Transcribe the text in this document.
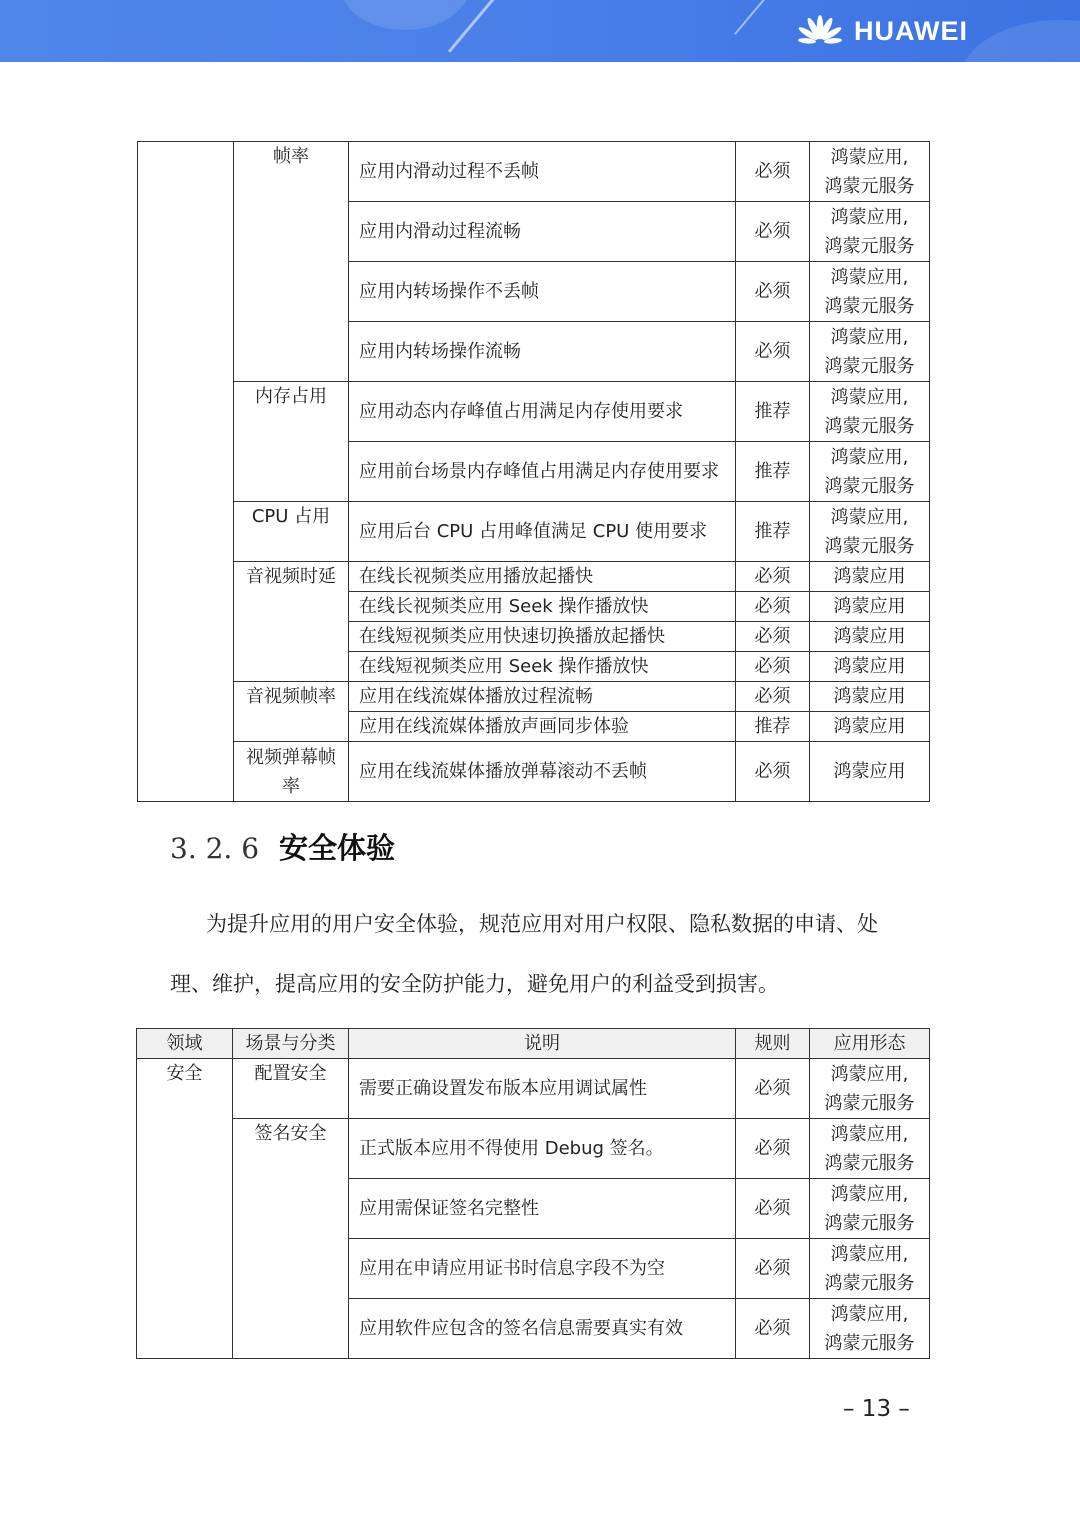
HUAWEI
	帧率	应用内滑动过程不丢帧	必须	鸿蒙应用,
鸿蒙元服务

		应用内滑动过程流畅	必须	鸿蒙应用,
鸿蒙元服务

		应用内转场操作不丢帧	必须	鸿蒙应用,
鸿蒙元服务

		应用内转场操作流畅	必须	鸿蒙应用,
鸿蒙元服务

	内存占用	应用动态内存峰值占用满足内存使用要求	推荐	鸿蒙应用,
鸿蒙元服务

		应用前台场景内存峰值占用满足内存使用要求	推荐	鸿蒙应用,
鸿蒙元服务

	CPU 占用	应用后台 CPU 占用峰值满足 CPU 使用要求	推荐	鸿蒙应用,
鸿蒙元服务

	音视频时延	在线长视频类应用播放起播快	必须	鸿蒙应用
		在线长视频类应用 Seek 操作播放快	必须	鸿蒙应用
		在线短视频类应用快速切换播放起播快	必须	鸿蒙应用
		在线短视频类应用 Seek 操作播放快	必须	鸿蒙应用
	音视频帧率	应用在线流媒体播放过程流畅	必须	鸿蒙应用
		应用在线流媒体播放声画同步体验	推荐	鸿蒙应用

	视频弹幕帧率	应用在线流媒体播放弹幕滚动不丢帧	必须	鸿蒙应用
3. 2. 6 安全体验
为提升应用的用户安全体验，规范应用对用户权限、隐私数据的申请、处
理、维护，提高应用的安全防护能力，避免用户的利益受到损害。
领域	场景与分类	说明	规则	应用形态
安全	配置安全	需要正确设置发布版本应用调试属性	必须	鸿蒙应用,
鸿蒙元服务

	签名安全	正式版本应用不得使用 Debug 签名。	必须	鸿蒙应用,
鸿蒙元服务

		应用需保证签名完整性	必须	鸿蒙应用,
鸿蒙元服务

		应用在申请应用证书时信息字段不为空	必须	鸿蒙应用,
鸿蒙元服务

		应用软件应包含的签名信息需要真实有效	必须	鸿蒙应用,
鸿蒙元服务
– 13 –
